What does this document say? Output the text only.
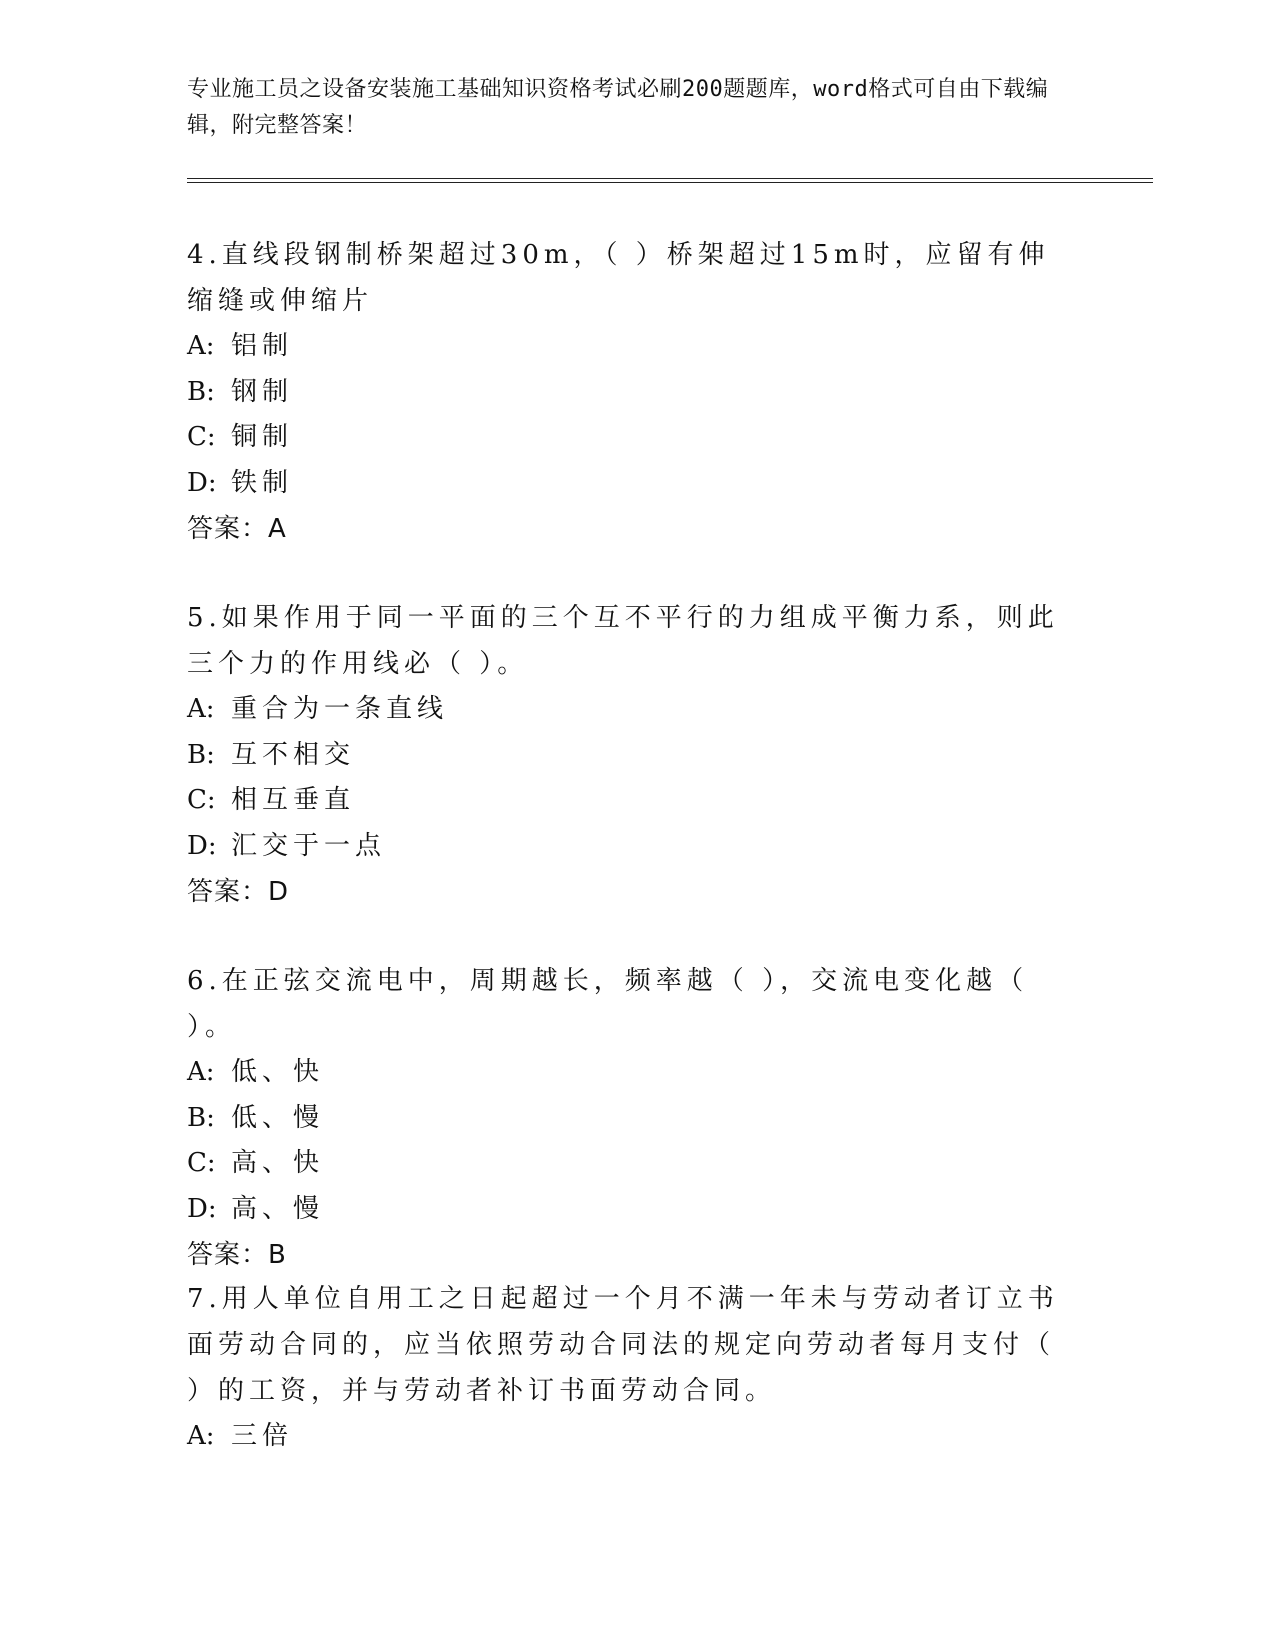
专业施工员之设备安装施工基础知识资格考试必刷200题题库，word格式可自由下载编辑，附完整答案！
4.直线段钢制桥架超过30m，（ ）桥架超过15m时，应留有伸缩缝或伸缩片
A: 铝制
B: 钢制
C: 铜制
D: 铁制
答案：A
5.如果作用于同一平面的三个互不平行的力组成平衡力系，则此三个力的作用线必（ ）。
A: 重合为一条直线
B: 互不相交
C: 相互垂直
D: 汇交于一点
答案：D
6.在正弦交流电中，周期越长，频率越（ ），交流电变化越（ ）。
A: 低、快
B: 低、慢
C: 高、快
D: 高、慢
答案：B
7.用人单位自用工之日起超过一个月不满一年未与劳动者订立书面劳动合同的，应当依照劳动合同法的规定向劳动者每月支付（ ）的工资，并与劳动者补订书面劳动合同。
A: 三倍
